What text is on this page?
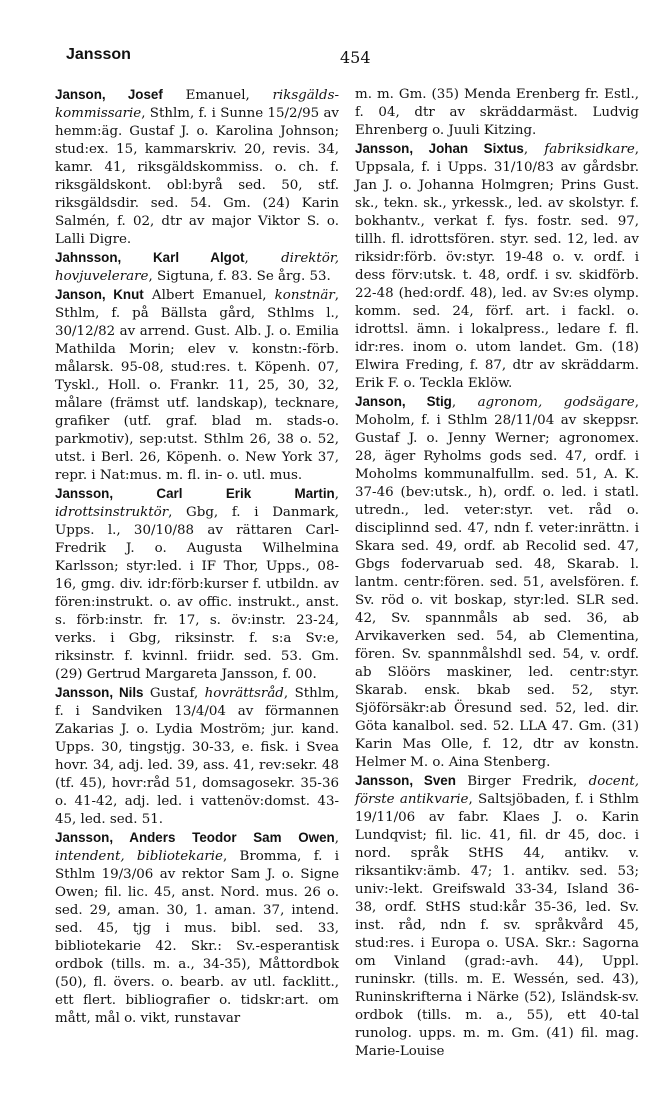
Jansson	454

Janson, Josef Emanuel, riksgälds-kommissarie, Sthlm, f. i Sunne 15/2/95 av hemm:äg. Gustaf J. o. Karolina Johnson; stud:ex. 15, kammarskriv. 20, revis. 34, kamr. 41, riksgäldskommiss. o. ch. f. riksgäldskont. obl:byrå sed. 50, stf. riksgäldsdir. sed. 54. Gm. (24) Karin Salmén, f. 02, dtr av major Viktor S. o. Lalli Digre.

Jahnsson, Karl Algot, direktör, hovjuvelerare, Sigtuna, f. 83. Se årg. 53.

Janson, Knut Albert Emanuel, konstnär, Sthlm, f. på Bällsta gård, Sthlms l., 30/12/82 av arrend. Gust. Alb. J. o. Emilia Mathilda Morin; elev v. konstn:-förb. målarsk. 95-08, stud:res. t. Köpenh. 07, Tyskl., Holl. o. Frankr. 11, 25, 30, 32, målare (främst utf. landskap), tecknare, grafiker (utf. graf. blad m. stads-o. parkmotiv), sep:utst. Sthlm 26, 38 o. 52, utst. i Berl. 26, Köpenh. o. New York 37, repr. i Nat:mus. m. fl. in- o. utl. mus.

Jansson, Carl Erik Martin, idrottsinstruktör, Gbg, f. i Danmark, Upps. l., 30/10/88 av rättaren Carl-Fredrik J. o. Augusta Wilhelmina Karlsson; styr:led. i IF Thor, Upps., 08-16, gmg. div. idr:förb:kurser f. utbildn. av fören:instrukt. o. av offic. instrukt., anst. s. förb:instr. fr. 17, s. öv:instr. 23-24, verks. i Gbg, riksinstr. f. s:a Sv:e, riksinstr. f. kvinnl. friidr. sed. 53. Gm. (29) Gertrud Margareta Jansson, f. 00.

Jansson, Nils Gustaf, hovrättsråd, Sthlm, f. i Sandviken 13/4/04 av förmannen Zakarias J. o. Lydia Moström; jur. kand. Upps. 30, tingstjg. 30-33, e. fisk. i Svea hovr. 34, adj. led. 39, ass. 41, rev:sekr. 48 (tf. 45), hovr:råd 51, domsagosekr. 35-36 o. 41-42, adj. led. i vattenöv:domst. 43-45, led. sed. 51.

Jansson, Anders Teodor Sam Owen, intendent, bibliotekarie, Bromma, f. i Sthlm 19/3/06 av rektor Sam J. o. Signe Owen; fil. lic. 45, anst. Nord. mus. 26 o. sed. 29, aman. 30, 1. aman. 37, intend. sed. 45, tjg i mus. bibl. sed. 33, bibliotekarie 42. Skr.: Sv.-esperantisk ordbok (tills. m. a., 34-35), Måttordbok (50), fl. övers. o. bearb. av utl. facklitt., ett flert. bibliografier o. tidskr:art. om mått, mål o. vikt, runstavar

m. m. Gm. (35) Menda Erenberg fr. Estl., f. 04, dtr av skräddarmäst. Ludvig Ehrenberg o. Juuli Kitzing.

Jansson, Johan Sixtus, fabriksidkare, Uppsala, f. i Upps. 31/10/83 av gårdsbr. Jan J. o. Johanna Holmgren; Prins Gust. sk., tekn. sk., yrkessk., led. av skolstyr. f. bokhantv., verkat f. fys. fostr. sed. 97, tillh. fl. idrottsfören. styr. sed. 12, led. av riksidr:förb. öv:styr. 19-48 o. v. ordf. i dess förv:utsk. t. 48, ordf. i sv. skidförb. 22-48 (hed:ordf. 48), led. av Sv:es olymp. komm. sed. 24, förf. art. i fackl. o. idrottsl. ämn. i lokalpress., ledare f. fl. idr:res. inom o. utom landet. Gm. (18) Elwira Freding, f. 87, dtr av skräddarm. Erik F. o. Teckla Eklöw.

Janson, Stig, agronom, godsägare, Moholm, f. i Sthlm 28/11/04 av skeppsr. Gustaf J. o. Jenny Werner; agronomex. 28, äger Ryholms gods sed. 47, ordf. i Moholms kommunalfullm. sed. 51, A. K. 37-46 (bev:utsk., h), ordf. o. led. i statl. utredn., led. veter:styr. vet. råd o. disciplinnd sed. 47, ndn f. veter:inrättn. i Skara sed. 49, ordf. ab Recolid sed. 47, Gbgs fodervaruab sed. 48, Skarab. l. lantm. centr:fören. sed. 51, avelsfören. f. Sv. röd o. vit boskap, styr:led. SLR sed. 42, Sv. spannmåls ab sed. 36, ab Arvikaverken sed. 54, ab Clementina, fören. Sv. spannmålshdl sed. 54, v. ordf. ab Slöörs maskiner, led. centr:styr. Skarab. ensk. bkab sed. 52, styr. Sjöförsäkr:ab Öresund sed. 52, led. dir. Göta kanalbol. sed. 52. LLA 47. Gm. (31) Karin Mas Olle, f. 12, dtr av konstn. Helmer M. o. Aina Stenberg.

Jansson, Sven Birger Fredrik, docent, förste antikvarie, Saltsjöbaden, f. i Sthlm 19/11/06 av fabr. Klaes J. o. Karin Lundqvist; fil. lic. 41, fil. dr 45, doc. i nord. språk StHS 44, antikv. v. riksantikv:ämb. 47; 1. antikv. sed. 53; univ:-lekt. Greifswald 33-34, Island 36-38, ordf. StHS stud:kår 35-36, led. Sv. inst. råd, ndn f. sv. språkvård 45, stud:res. i Europa o. USA. Skr.: Sagorna om Vinland (grad:-avh. 44), Uppl. runinskr. (tills. m. E. Wessén, sed. 43), Runinskrifterna i Närke (52), Isländsk-sv. ordbok (tills. m. a., 55), ett 40-tal runolog. upps. m. m. Gm. (41) fil. mag. Marie-Louise
